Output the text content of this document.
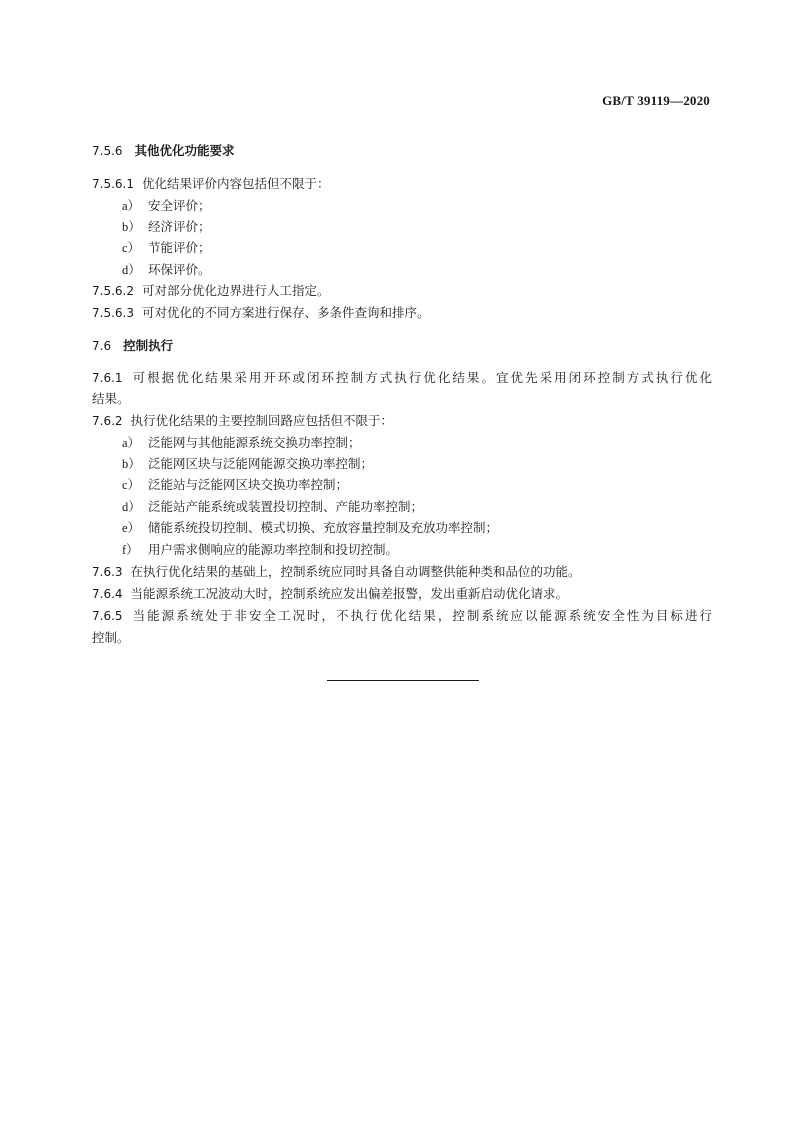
GB/T 39119—2020
7.5.6 其他优化功能要求
7.5.6.1 优化结果评价内容包括但不限于：
a） 安全评价；
b） 经济评价；
c） 节能评价；
d） 环保评价。
7.5.6.2 可对部分优化边界进行人工指定。
7.5.6.3 可对优化的不同方案进行保存、多条件查询和排序。
7.6 控制执行
7.6.1 可根据优化结果采用开环或闭环控制方式执行优化结果。宜优先采用闭环控制方式执行优化
结果。
7.6.2 执行优化结果的主要控制回路应包括但不限于：
a） 泛能网与其他能源系统交换功率控制；
b） 泛能网区块与泛能网能源交换功率控制；
c） 泛能站与泛能网区块交换功率控制；
d） 泛能站产能系统或装置投切控制、产能功率控制；
e） 储能系统投切控制、模式切换、充放容量控制及充放功率控制；
f） 用户需求侧响应的能源功率控制和投切控制。
7.6.3 在执行优化结果的基础上，控制系统应同时具备自动调整供能种类和品位的功能。
7.6.4 当能源系统工况波动大时，控制系统应发出偏差报警，发出重新启动优化请求。
7.6.5 当能源系统处于非安全工况时，不执行优化结果，控制系统应以能源系统安全性为目标进行
控制。
